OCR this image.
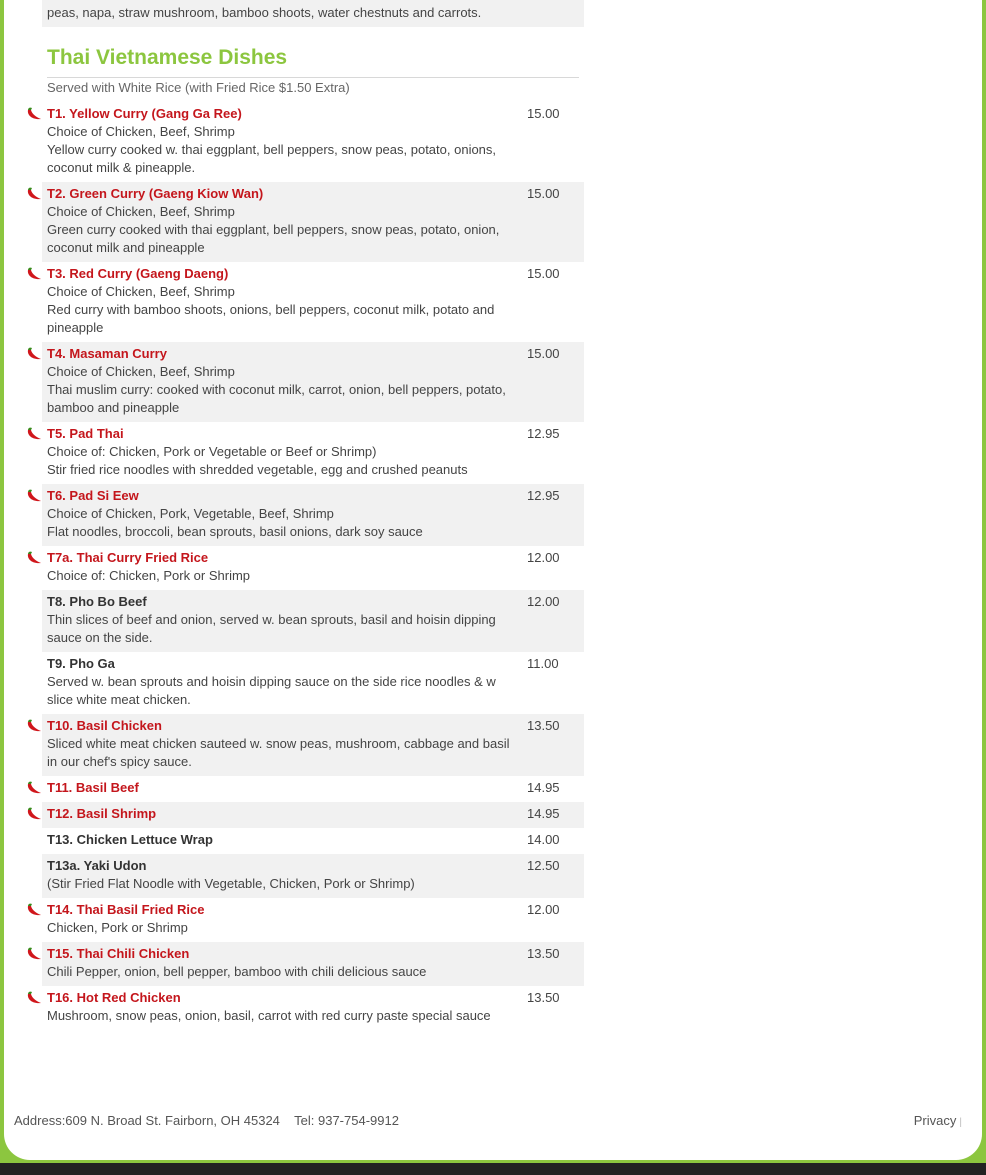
peas, napa, straw mushroom, bamboo shoots, water chestnuts and carrots.
Thai Vietnamese Dishes
Served with White Rice (with Fried Rice $1.50 Extra)
T1. Yellow Curry (Gang Ga Ree)
Choice of Chicken, Beef, Shrimp
Yellow curry cooked w. thai eggplant, bell peppers, snow peas, potato, onions,
coconut milk & pineapple.
15.00
T2. Green Curry (Gaeng Kiow Wan)
Choice of Chicken, Beef, Shrimp
Green curry cooked with thai eggplant, bell peppers, snow peas, potato, onion,
coconut milk and pineapple
15.00
T3. Red Curry (Gaeng Daeng)
Choice of Chicken, Beef, Shrimp
Red curry with bamboo shoots, onions, bell peppers, coconut milk, potato and
pineapple
15.00
T4. Masaman Curry
Choice of Chicken, Beef, Shrimp
Thai muslim curry: cooked with coconut milk, carrot, onion, bell peppers, potato,
bamboo and pineapple
15.00
T5. Pad Thai
Choice of: Chicken, Pork or Vegetable or Beef or Shrimp)
Stir fried rice noodles with shredded vegetable, egg and crushed peanuts
12.95
T6. Pad Si Eew
Choice of Chicken, Pork, Vegetable, Beef, Shrimp
Flat noodles, broccoli, bean sprouts, basil onions, dark soy sauce
12.95
T7a. Thai Curry Fried Rice
Choice of: Chicken, Pork or Shrimp
12.00
T8. Pho Bo Beef
Thin slices of beef and onion, served w. bean sprouts, basil and hoisin dipping
sauce on the side.
12.00
T9. Pho Ga
Served w. bean sprouts and hoisin dipping sauce on the side rice noodles & w
slice white meat chicken.
11.00
T10. Basil Chicken
Sliced white meat chicken sauteed w. snow peas, mushroom, cabbage and basil
in our chef's spicy sauce.
13.50
T11. Basil Beef	14.95
T12. Basil Shrimp	14.95
T13. Chicken Lettuce Wrap	14.00
T13a. Yaki Udon
(Stir Fried Flat Noodle with Vegetable, Chicken, Pork or Shrimp)
12.50
T14. Thai Basil Fried Rice
Chicken, Pork or Shrimp
12.00
T15. Thai Chili Chicken
Chili Pepper, onion, bell pepper, bamboo with chili delicious sauce
13.50
T16. Hot Red Chicken
Mushroom, snow peas, onion, basil, carrot with red curry paste special sauce
13.50
Address:609 N. Broad St. Fairborn, OH 45324 Tel: 937-754-9912	Privacy |
